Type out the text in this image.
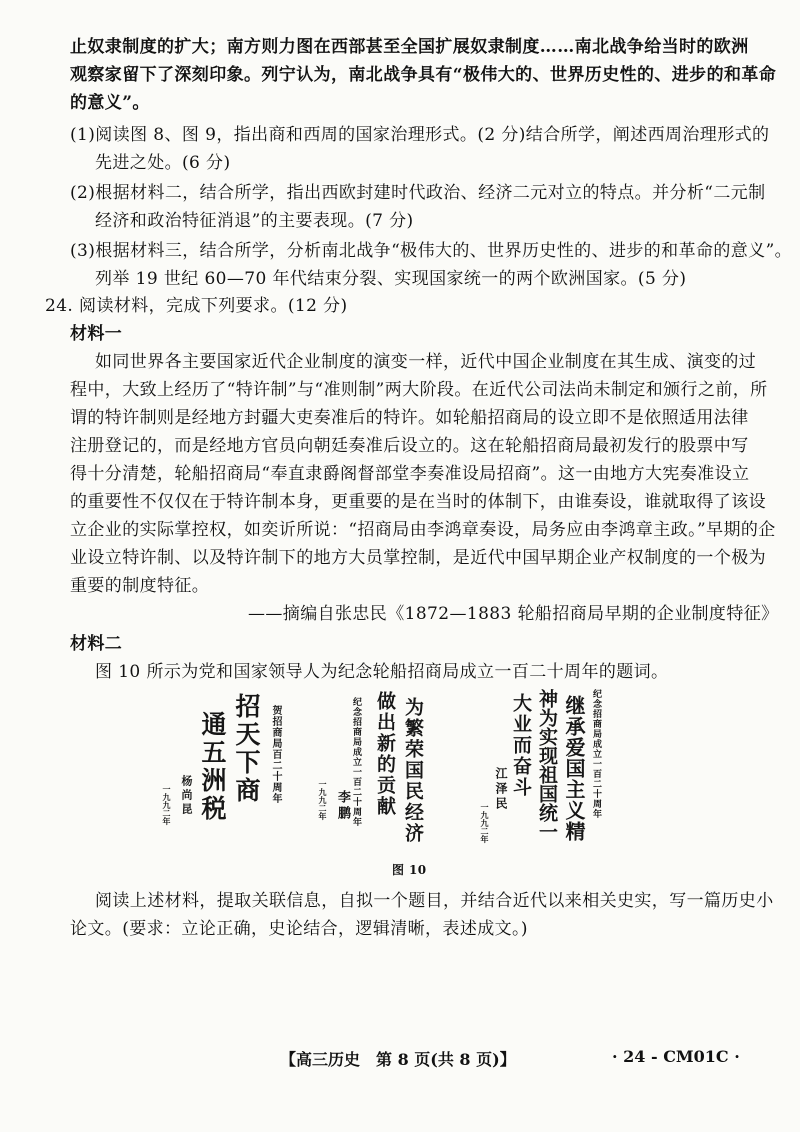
止奴隶制度的扩大；南方则力图在西部甚至全国扩展奴隶制度……南北战争给当时的欧洲
观察家留下了深刻印象。列宁认为，南北战争具有“极伟大的、世界历史性的、进步的和革命
的意义”。
(1)阅读图 8、图 9，指出商和西周的国家治理形式。(2 分)结合所学，阐述西周治理形式的
先进之处。(6 分)
(2)根据材料二，结合所学，指出西欧封建时代政治、经济二元对立的特点。并分析“二元制
经济和政治特征消退”的主要表现。(7 分)
(3)根据材料三，结合所学，分析南北战争“极伟大的、世界历史性的、进步的和革命的意义”。
列举 19 世纪 60—70 年代结束分裂、实现国家统一的两个欧洲国家。(5 分)
24. 阅读材料，完成下列要求。(12 分)
材料一
如同世界各主要国家近代企业制度的演变一样，近代中国企业制度在其生成、演变的过
程中，大致上经历了“特许制”与“准则制”两大阶段。在近代公司法尚未制定和颁行之前，所
谓的特许制则是经地方封疆大吏奏准后的特许。如轮船招商局的设立即不是依照适用法律
注册登记的，而是经地方官员向朝廷奏准后设立的。这在轮船招商局最初发行的股票中写
得十分清楚，轮船招商局“奉直隶爵阁督部堂李奏准设局招商”。这一由地方大宪奏准设立
的重要性不仅仅在于特许制本身，更重要的是在当时的体制下，由谁奏设，谁就取得了该设
立企业的实际掌控权，如奕䜣所说：“招商局由李鸿章奏设，局务应由李鸿章主政。”早期的企
业设立特许制、以及特许制下的地方大员掌控制，是近代中国早期企业产权制度的一个极为
重要的制度特征。
——摘编自张忠民《1872—1883 轮船招商局早期的企业制度特征》
材料二
图 10 所示为党和国家领导人为纪念轮船招商局成立一百二十周年的题词。
招天下商
通五洲税	贺招商局百二十周年
杨尚昆
一九九二年	为繁荣国民经济
做出新的贡献
纪念招商局成立一百二十周年
李鹏
一九九二年	继承爱国主义精
神为实现祖国统一
大业而奋斗	纪念招商局成立一百二十周年
江泽民
一九九二年
图 10
阅读上述材料，提取关联信息，自拟一个题目，并结合近代以来相关史实，写一篇历史小
论文。(要求：立论正确，史论结合，逻辑清晰，表述成文。)
【高三历史　第 8 页(共 8 页)】	· 24 - CM01C ·
